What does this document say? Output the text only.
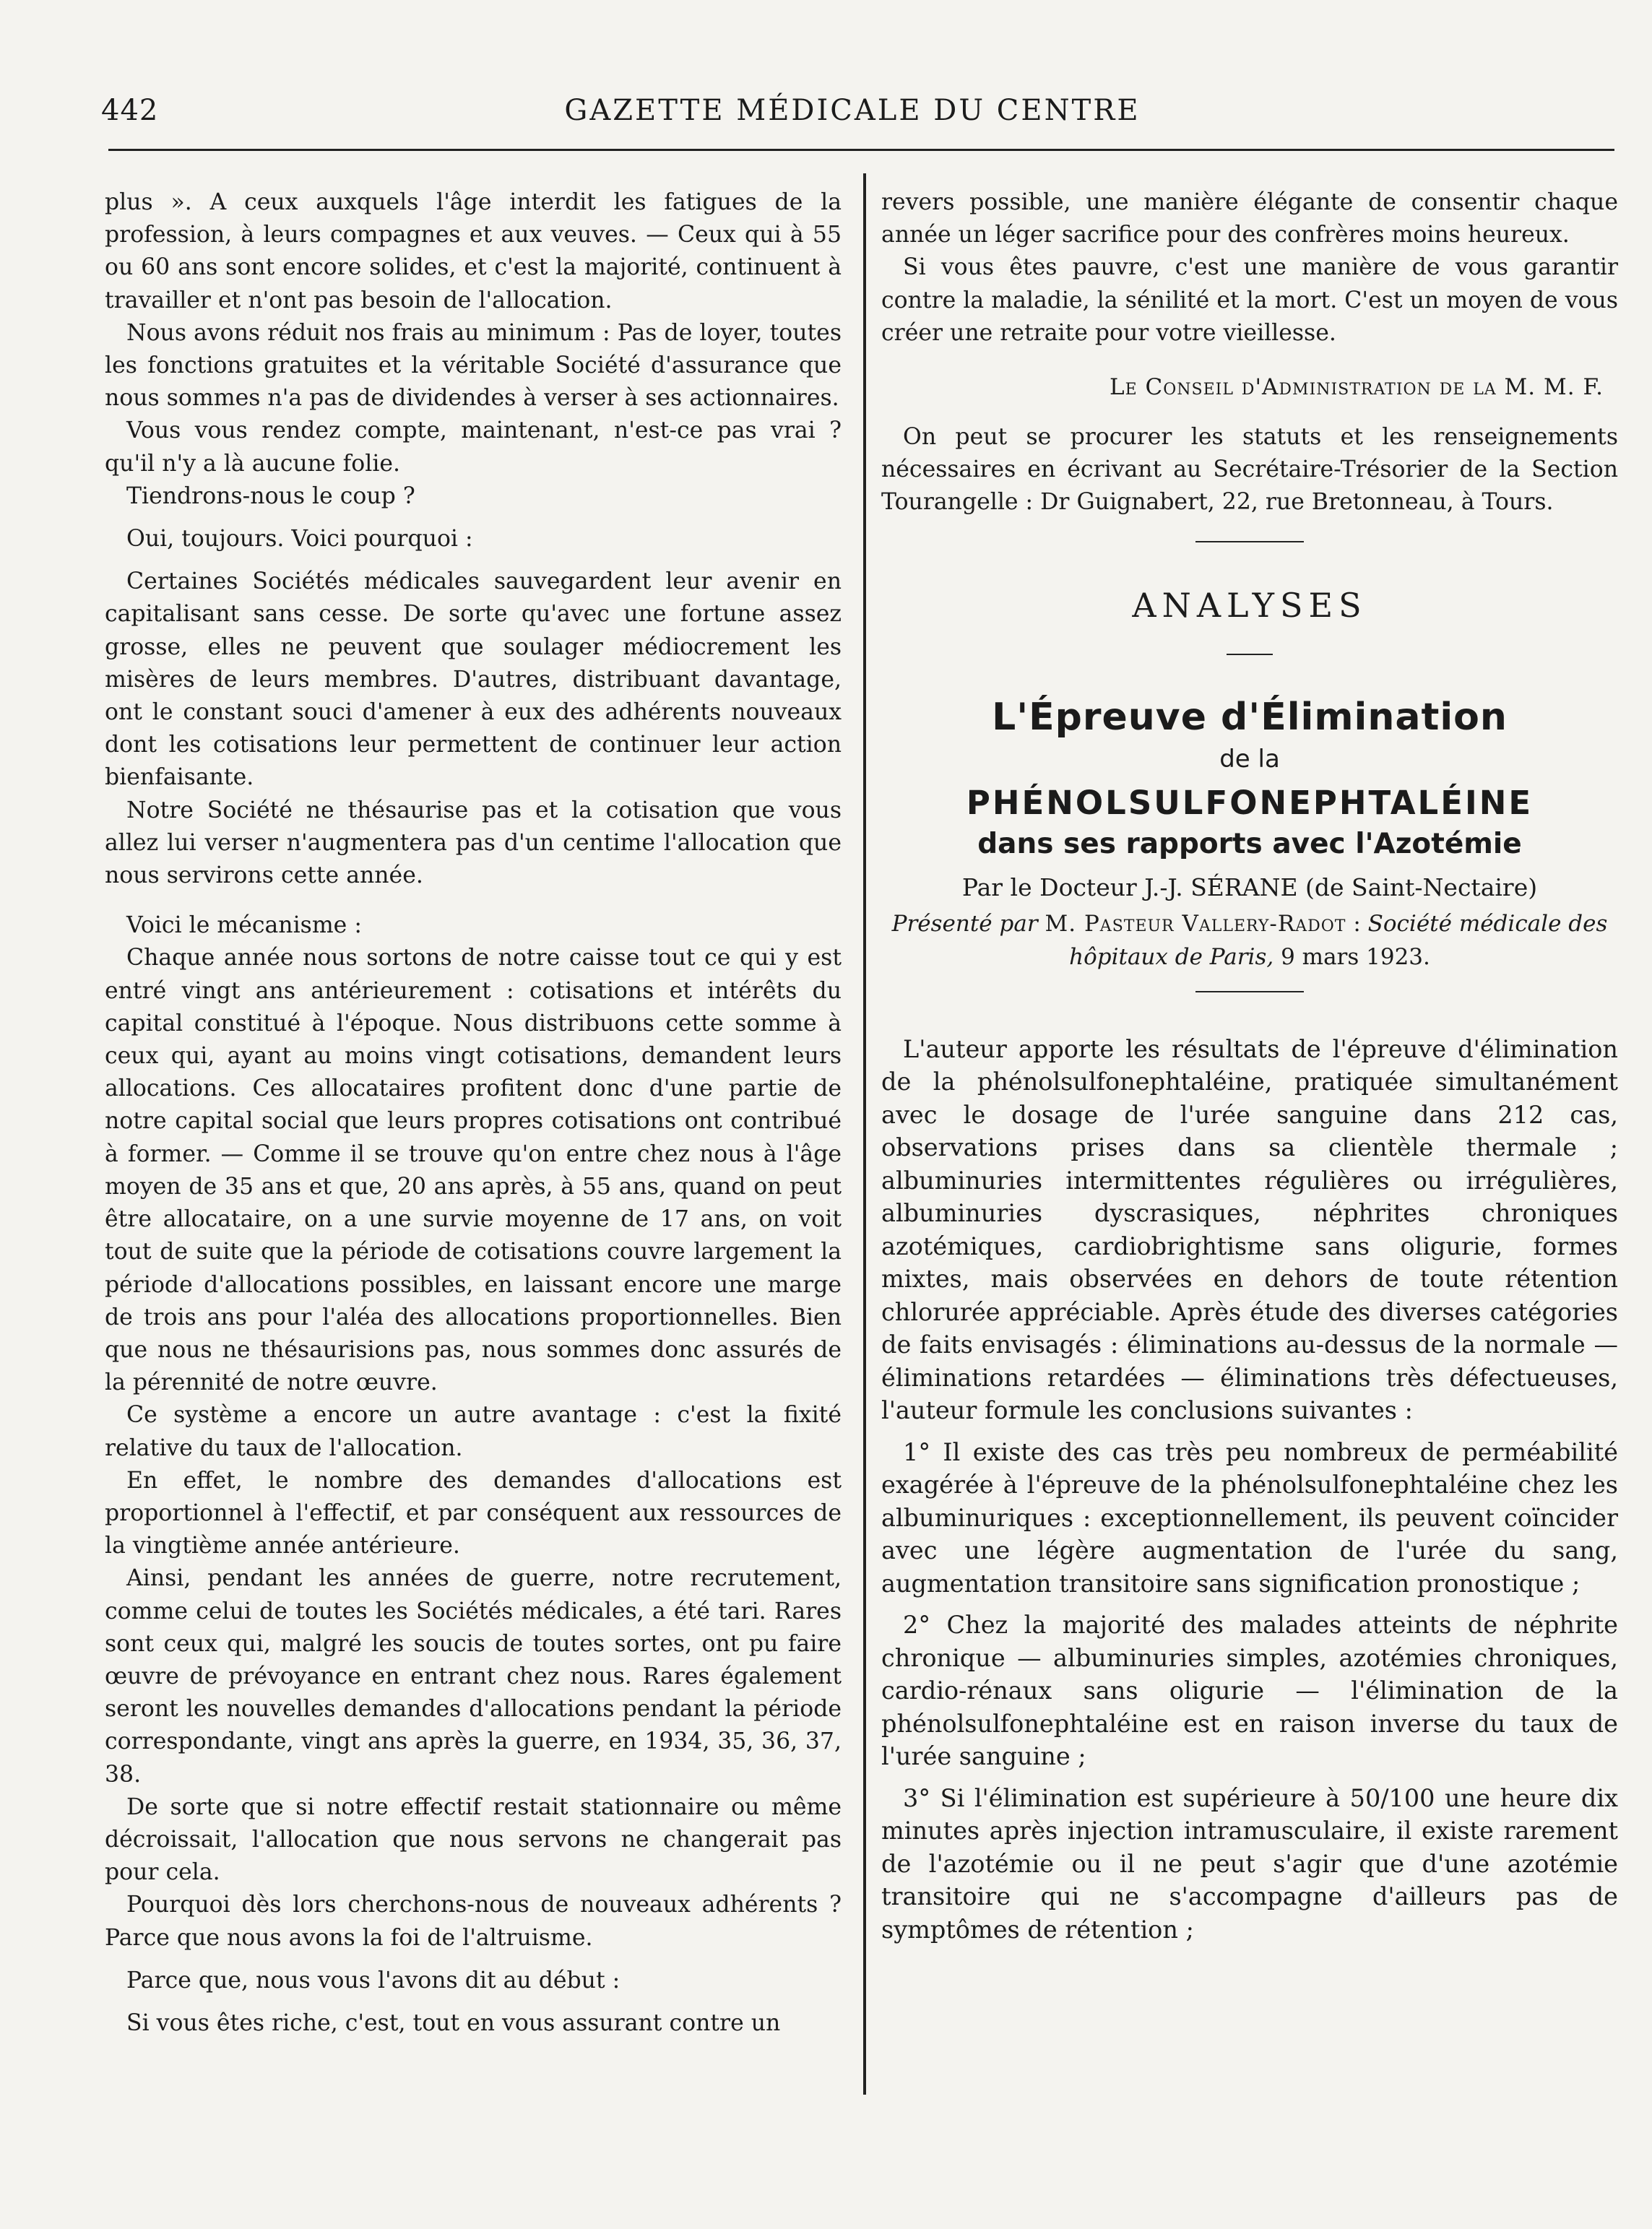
442	GAZETTE MÉDICALE DU CENTRE

plus ». A ceux auxquels l'âge interdit les fatigues de la profession, à leurs compagnes et aux veuves. — Ceux qui à 55 ou 60 ans sont encore solides, et c'est la majorité, continuent à travailler et n'ont pas besoin de l'allocation.

Nous avons réduit nos frais au minimum : Pas de loyer, toutes les fonctions gratuites et la véritable Société d'assurance que nous sommes n'a pas de dividendes à verser à ses actionnaires.

Vous vous rendez compte, maintenant, n'est-ce pas vrai ? qu'il n'y a là aucune folie.

Tiendrons-nous le coup ?

Oui, toujours. Voici pourquoi :

Certaines Sociétés médicales sauvegardent leur avenir en capitalisant sans cesse. De sorte qu'avec une fortune assez grosse, elles ne peuvent que soulager médiocrement les misères de leurs membres. D'autres, distribuant davantage, ont le constant souci d'amener à eux des adhérents nouveaux dont les cotisations leur permettent de continuer leur action bienfaisante.

Notre Société ne thésaurise pas et la cotisation que vous allez lui verser n'augmentera pas d'un centime l'allocation que nous servirons cette année.

Voici le mécanisme :

Chaque année nous sortons de notre caisse tout ce qui y est entré vingt ans antérieurement : cotisations et intérêts du capital constitué à l'époque. Nous distribuons cette somme à ceux qui, ayant au moins vingt cotisations, demandent leurs allocations. Ces allocataires profitent donc d'une partie de notre capital social que leurs propres cotisations ont contribué à former. — Comme il se trouve qu'on entre chez nous à l'âge moyen de 35 ans et que, 20 ans après, à 55 ans, quand on peut être allocataire, on a une survie moyenne de 17 ans, on voit tout de suite que la période de cotisations couvre largement la période d'allocations possibles, en laissant encore une marge de trois ans pour l'aléa des allocations proportionnelles. Bien que nous ne thésaurisions pas, nous sommes donc assurés de la pérennité de notre œuvre.

Ce système a encore un autre avantage : c'est la fixité relative du taux de l'allocation.

En effet, le nombre des demandes d'allocations est proportionnel à l'effectif, et par conséquent aux ressources de la vingtième année antérieure.

Ainsi, pendant les années de guerre, notre recrutement, comme celui de toutes les Sociétés médicales, a été tari. Rares sont ceux qui, malgré les soucis de toutes sortes, ont pu faire œuvre de prévoyance en entrant chez nous. Rares également seront les nouvelles demandes d'allocations pendant la période correspondante, vingt ans après la guerre, en 1934, 35, 36, 37, 38.

De sorte que si notre effectif restait stationnaire ou même décroissait, l'allocation que nous servons ne changerait pas pour cela.

Pourquoi dès lors cherchons-nous de nouveaux adhérents ? Parce que nous avons la foi de l'altruisme.

Parce que, nous vous l'avons dit au début :

Si vous êtes riche, c'est, tout en vous assurant contre un

revers possible, une manière élégante de consentir chaque année un léger sacrifice pour des confrères moins heureux.

Si vous êtes pauvre, c'est une manière de vous garantir contre la maladie, la sénilité et la mort. C'est un moyen de vous créer une retraite pour votre vieillesse.

Le Conseil d'Administration de la M. M. F.

On peut se procurer les statuts et les renseignements nécessaires en écrivant au Secrétaire-Trésorier de la Section Tourangelle : Dr Guignabert, 22, rue Bretonneau, à Tours.

ANALYSES
L'Épreuve d'Élimination
de la
PHÉNOLSULFONEPHTALÉINE
dans ses rapports avec l'Azotémie
Par le Docteur J.-J. SÉRANE (de Saint-Nectaire)
Présenté par M. Pasteur Vallery-Radot : Société médicale des hôpitaux de Paris, 9 mars 1923.

L'auteur apporte les résultats de l'épreuve d'élimination de la phénolsulfonephtaléine, pratiquée simultanément avec le dosage de l'urée sanguine dans 212 cas, observations prises dans sa clientèle thermale ; albuminuries intermittentes régulières ou irrégulières, albuminuries dyscrasiques, néphrites chroniques azotémiques, cardiobrightisme sans oligurie, formes mixtes, mais observées en dehors de toute rétention chlorurée appréciable. Après étude des diverses catégories de faits envisagés : éliminations au-dessus de la normale — éliminations retardées — éliminations très défectueuses, l'auteur formule les conclusions suivantes :

1° Il existe des cas très peu nombreux de perméabilité exagérée à l'épreuve de la phénolsulfonephtaléine chez les albuminuriques : exceptionnellement, ils peuvent coïncider avec une légère augmentation de l'urée du sang, augmentation transitoire sans signification pronostique ;

2° Chez la majorité des malades atteints de néphrite chronique — albuminuries simples, azotémies chroniques, cardio-rénaux sans oligurie — l'élimination de la phénolsulfonephtaléine est en raison inverse du taux de l'urée sanguine ;

3° Si l'élimination est supérieure à 50/100 une heure dix minutes après injection intramusculaire, il existe rarement de l'azotémie ou il ne peut s'agir que d'une azotémie transitoire qui ne s'accompagne d'ailleurs pas de symptômes de rétention ;
